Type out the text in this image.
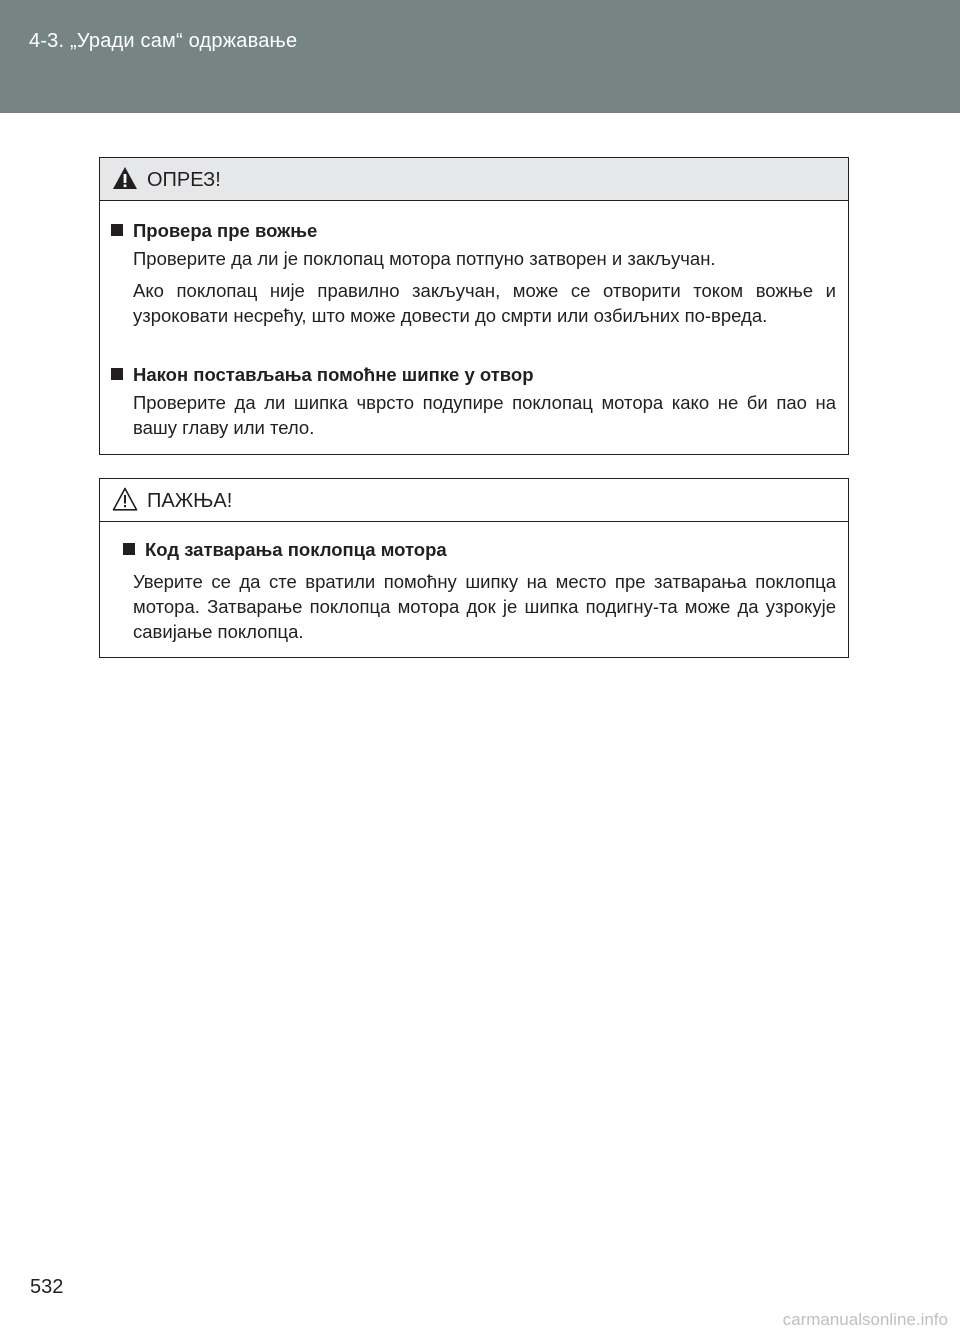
4-3. „Уради сам“ одржавање
ОПРЕЗ!
Провера пре вожње
Проверите да ли је поклопац мотора потпуно затворен и закључан.
Ако поклопац није правилно закључан, може се отворити током вожње и узроковати несрећу, што може довести до смрти или озбиљних по-вреда.
Након постављања помоћне шипке у отвор
Проверите да ли шипка чврсто подупире поклопац мотора како не би пао на вашу главу или тело.
ПАЖЊА!
Код затварања поклопца мотора
Уверите се да сте вратили помоћну шипку на место пре затварања поклопца мотора. Затварање поклопца мотора док је шипка подигну-та може да узрокује савијање поклопца.
532
carmanualsonline.info
